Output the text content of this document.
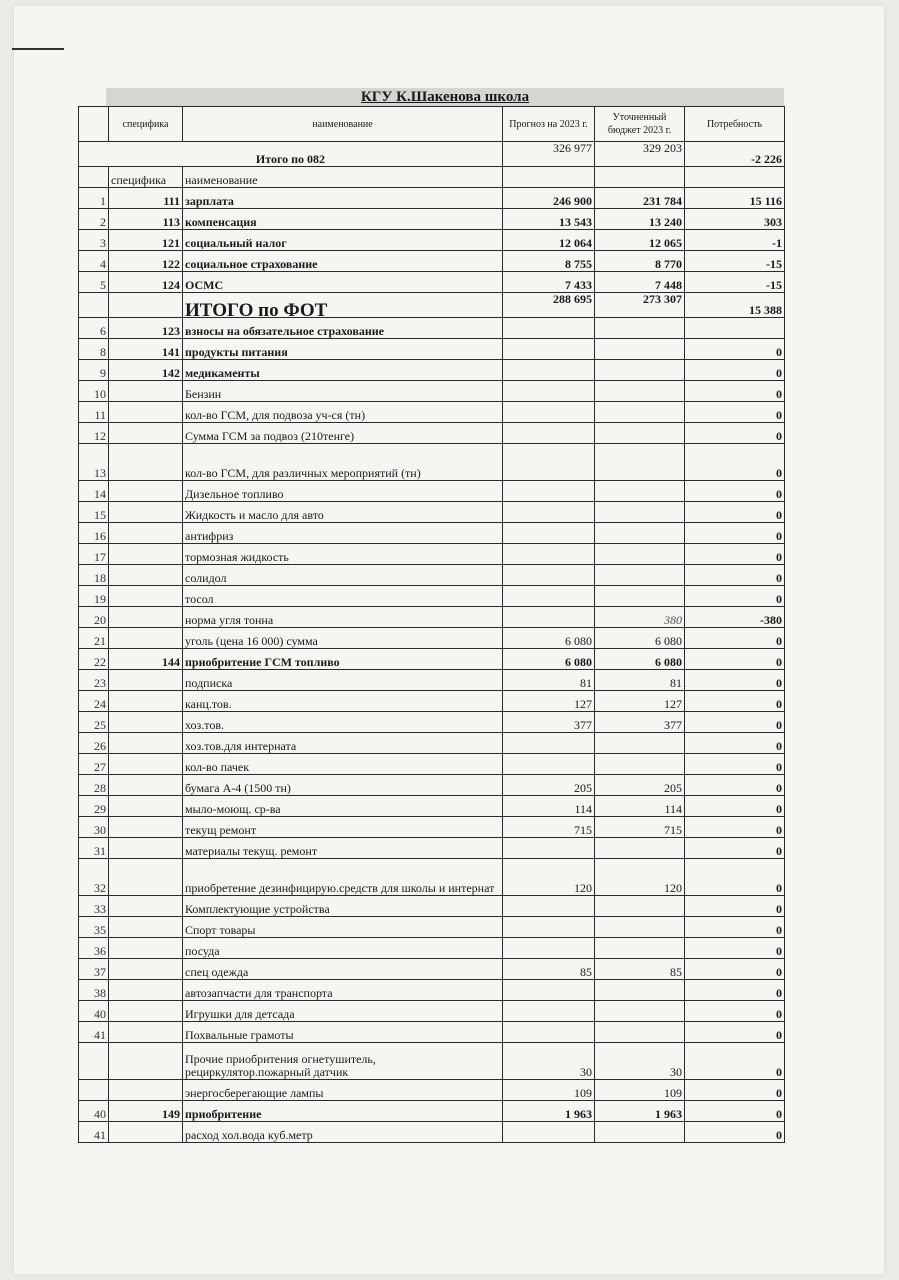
КГУ К.Шакенова школа
	специфика	наименование	Прогноз на 2023 г.	Уточненный бюджет 2023 г.	Потребность
Итого по 082			326 977	329 203	-2 226
	специфика	наименование			
1	111	зарплата	246 900	231 784	15 116
2	113	компенсация	13 543	13 240	303
3	121	социальный налог	12 064	12 065	-1
4	122	социальное страхование	8 755	8 770	-15
5	124	ОСМС	7 433	7 448	-15
		ИТОГО по ФОТ	288 695	273 307	15 388
6	123	взносы на обязательное страхование			
8	141	продукты питания			0
9	142	медикаменты			0
10		Бензин			0
11		кол-во ГСМ, для подвоза уч-ся (тн)			0
12		Сумма ГСМ за подвоз (210тенге)			0
13		кол-во ГСМ, для различных мероприятий (тн)			0
14		Дизельное топливо			0
15		Жидкость и масло для авто			0
16		антифриз			0
17		тормозная жидкость			0
18		солидол			0
19		тосол			0
20		норма угля тонна		380	-380
21		уголь (цена 16 000) сумма	6 080	6 080	0
22	144	приобритение ГСМ топливо	6 080	6 080	0
23		подписка	81	81	0
24		канц.тов.	127	127	0
25		хоз.тов.	377	377	0
26		хоз.тов.для интерната			0
27		кол-во пачек			0
28		бумага А-4 (1500 тн)	205	205	0
29		мыло-моющ. ср-ва	114	114	0
30		текущ ремонт	715	715	0
31		материалы текущ. ремонт			0
32		приобретение дезинфицирую.средств для школы и интернат	120	120	0
33		Комплектующие устройства			0
35		Спорт товары			0
36		посуда			0
37		спец одежда	85	85	0
38		автозапчасти для транспорта			0
40		Игрушки для детсада			0
41		Похвальные грамоты			0
		Прочие приобритения огнетушитель, рециркулятор.пожарный датчик	30	30	0
		энергосберегающие лампы	109	109	0
40	149	приобритение	1 963	1 963	0
41		расход хол.вода куб.метр			0
